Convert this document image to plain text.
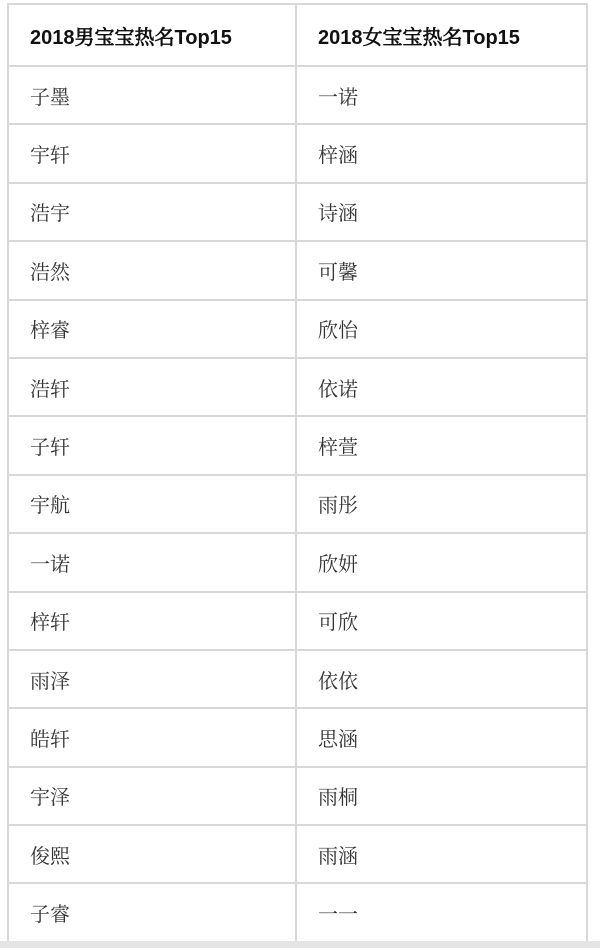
2018男宝宝热名Top15	2018女宝宝热名Top15
子墨	一诺
宇轩	梓涵
浩宇	诗涵
浩然	可馨
梓睿	欣怡
浩轩	依诺
子轩	梓萱
宇航	雨彤
一诺	欣妍
梓轩	可欣
雨泽	依依
皓轩	思涵
宇泽	雨桐
俊熙	雨涵
子睿	一一
